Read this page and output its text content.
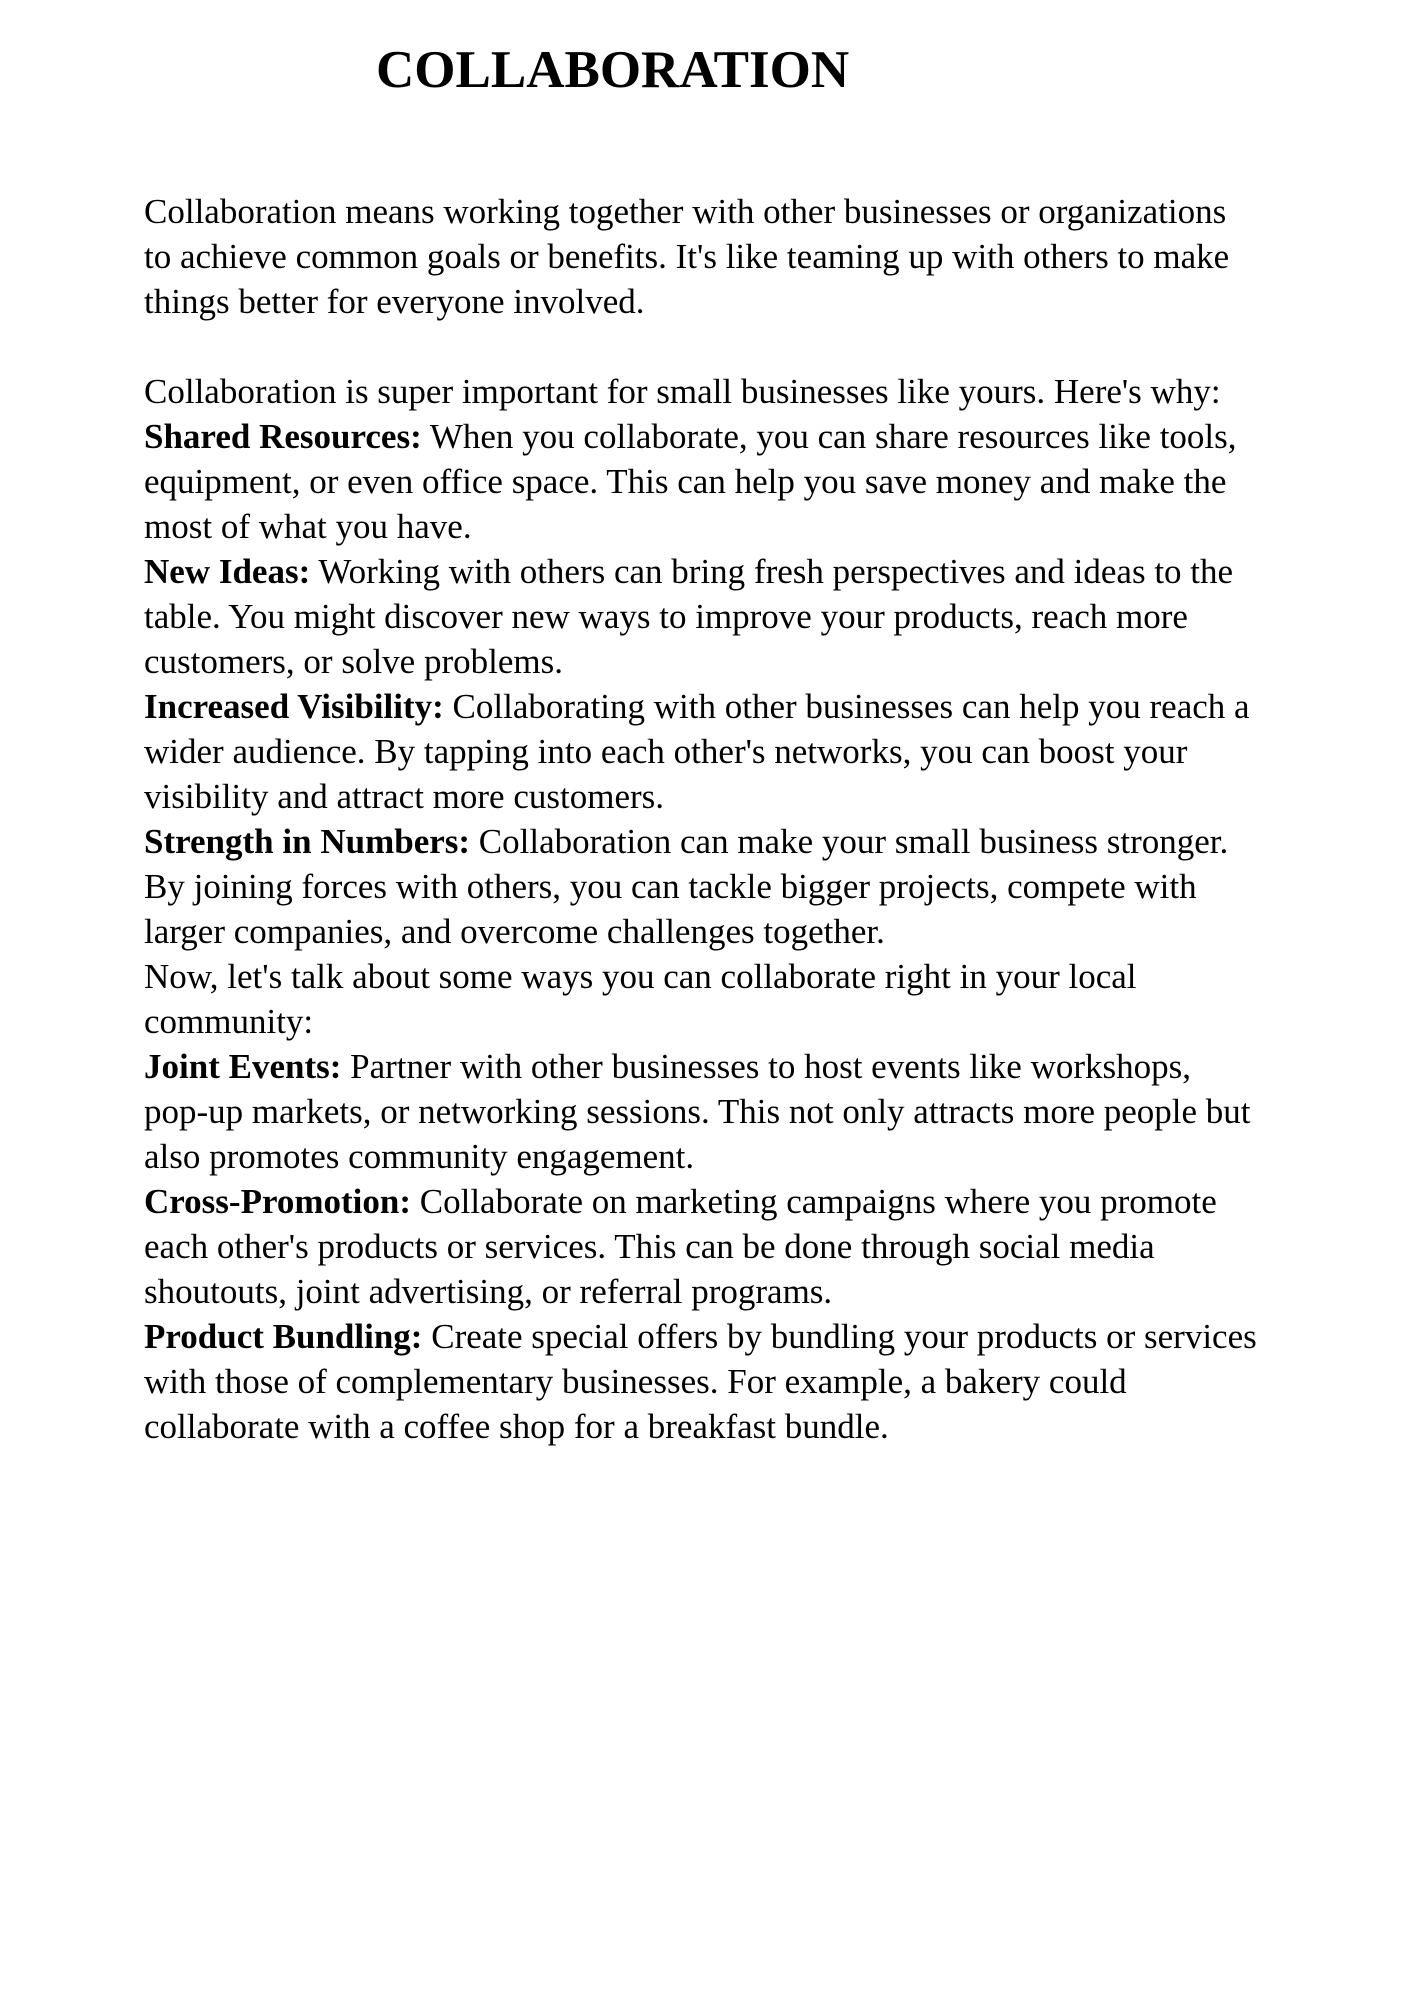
COLLABORATION

Collaboration means working together with other businesses or organizations to achieve common goals or benefits. It's like teaming up with others to make things better for everyone involved.

Collaboration is super important for small businesses like yours. Here's why:

Shared Resources: When you collaborate, you can share resources like tools, equipment, or even office space. This can help you save money and make the most of what you have.

New Ideas: Working with others can bring fresh perspectives and ideas to the table. You might discover new ways to improve your products, reach more customers, or solve problems.

Increased Visibility: Collaborating with other businesses can help you reach a wider audience. By tapping into each other's networks, you can boost your visibility and attract more customers.

Strength in Numbers: Collaboration can make your small business stronger. By joining forces with others, you can tackle bigger projects, compete with larger companies, and overcome challenges together.

Now, let's talk about some ways you can collaborate right in your local community:

Joint Events: Partner with other businesses to host events like workshops, pop-up markets, or networking sessions. This not only attracts more people but also promotes community engagement.

Cross-Promotion: Collaborate on marketing campaigns where you promote each other's products or services. This can be done through social media shoutouts, joint advertising, or referral programs.

Product Bundling: Create special offers by bundling your products or services with those of complementary businesses. For example, a bakery could collaborate with a coffee shop for a breakfast bundle.
